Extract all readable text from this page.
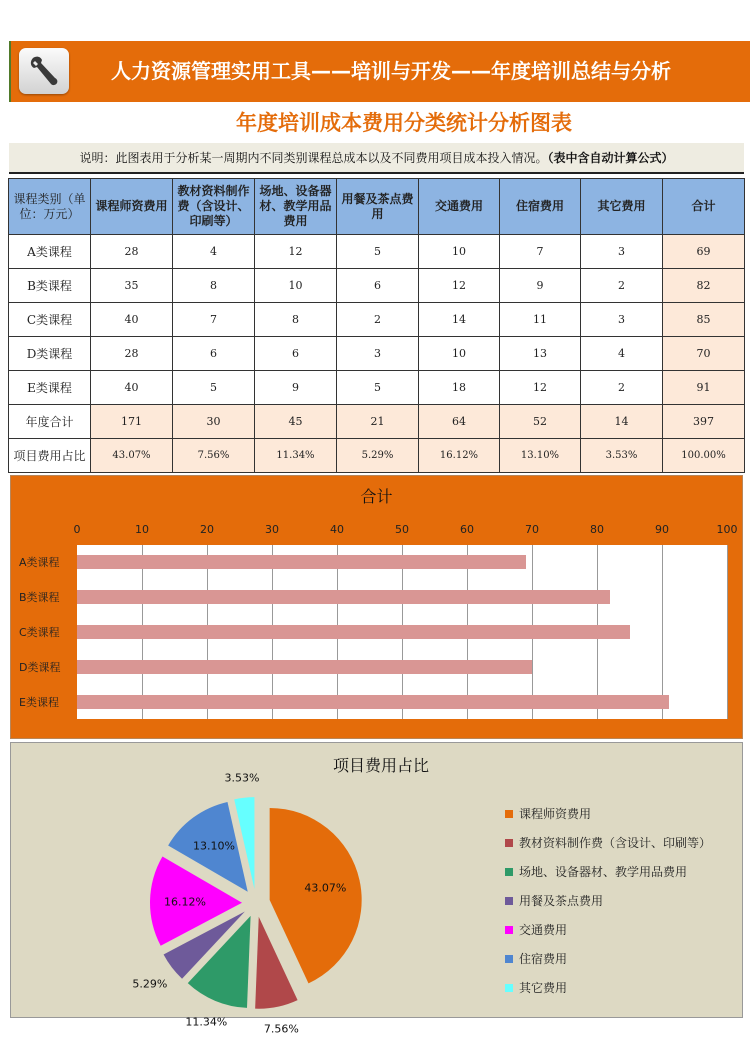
人力资源管理实用工具——培训与开发——年度培训总结与分析
年度培训成本费用分类统计分析图表
说明：此图表用于分析某一周期内不同类别课程总成本以及不同费用项目成本投入情况。（表中含自动计算公式）
课程类别（单位：万元）	课程师资费用	教材资料制作费（含设计、印刷等）	场地、设备器材、教学用品费用	用餐及茶点费用	交通费用	住宿费用	其它费用	合计
A类课程	28	4	12	5	10	7	3	69
B类课程	35	8	10	6	12	9	2	82
C类课程	40	7	8	2	14	11	3	85
D类课程	28	6	6	3	10	13	4	70
E类课程	40	5	9	5	18	12	2	91
年度合计	171	30	45	21	64	52	14	397
项目费用占比	43.07%	7.56%	11.34%	5.29%	16.12%	13.10%	3.53%	100.00%
合计
0	10	20	30	40	50	60	70	80	90	100
A类课程
B类课程
C类课程
D类课程
E类课程
项目费用占比
43.07%
7.56%
11.34%
5.29%
16.12%
13.10%
3.53%
课程师资费用
教材资料制作费（含设计、印刷等）
场地、设备器材、教学用品费用
用餐及茶点费用
交通费用
住宿费用
其它费用
